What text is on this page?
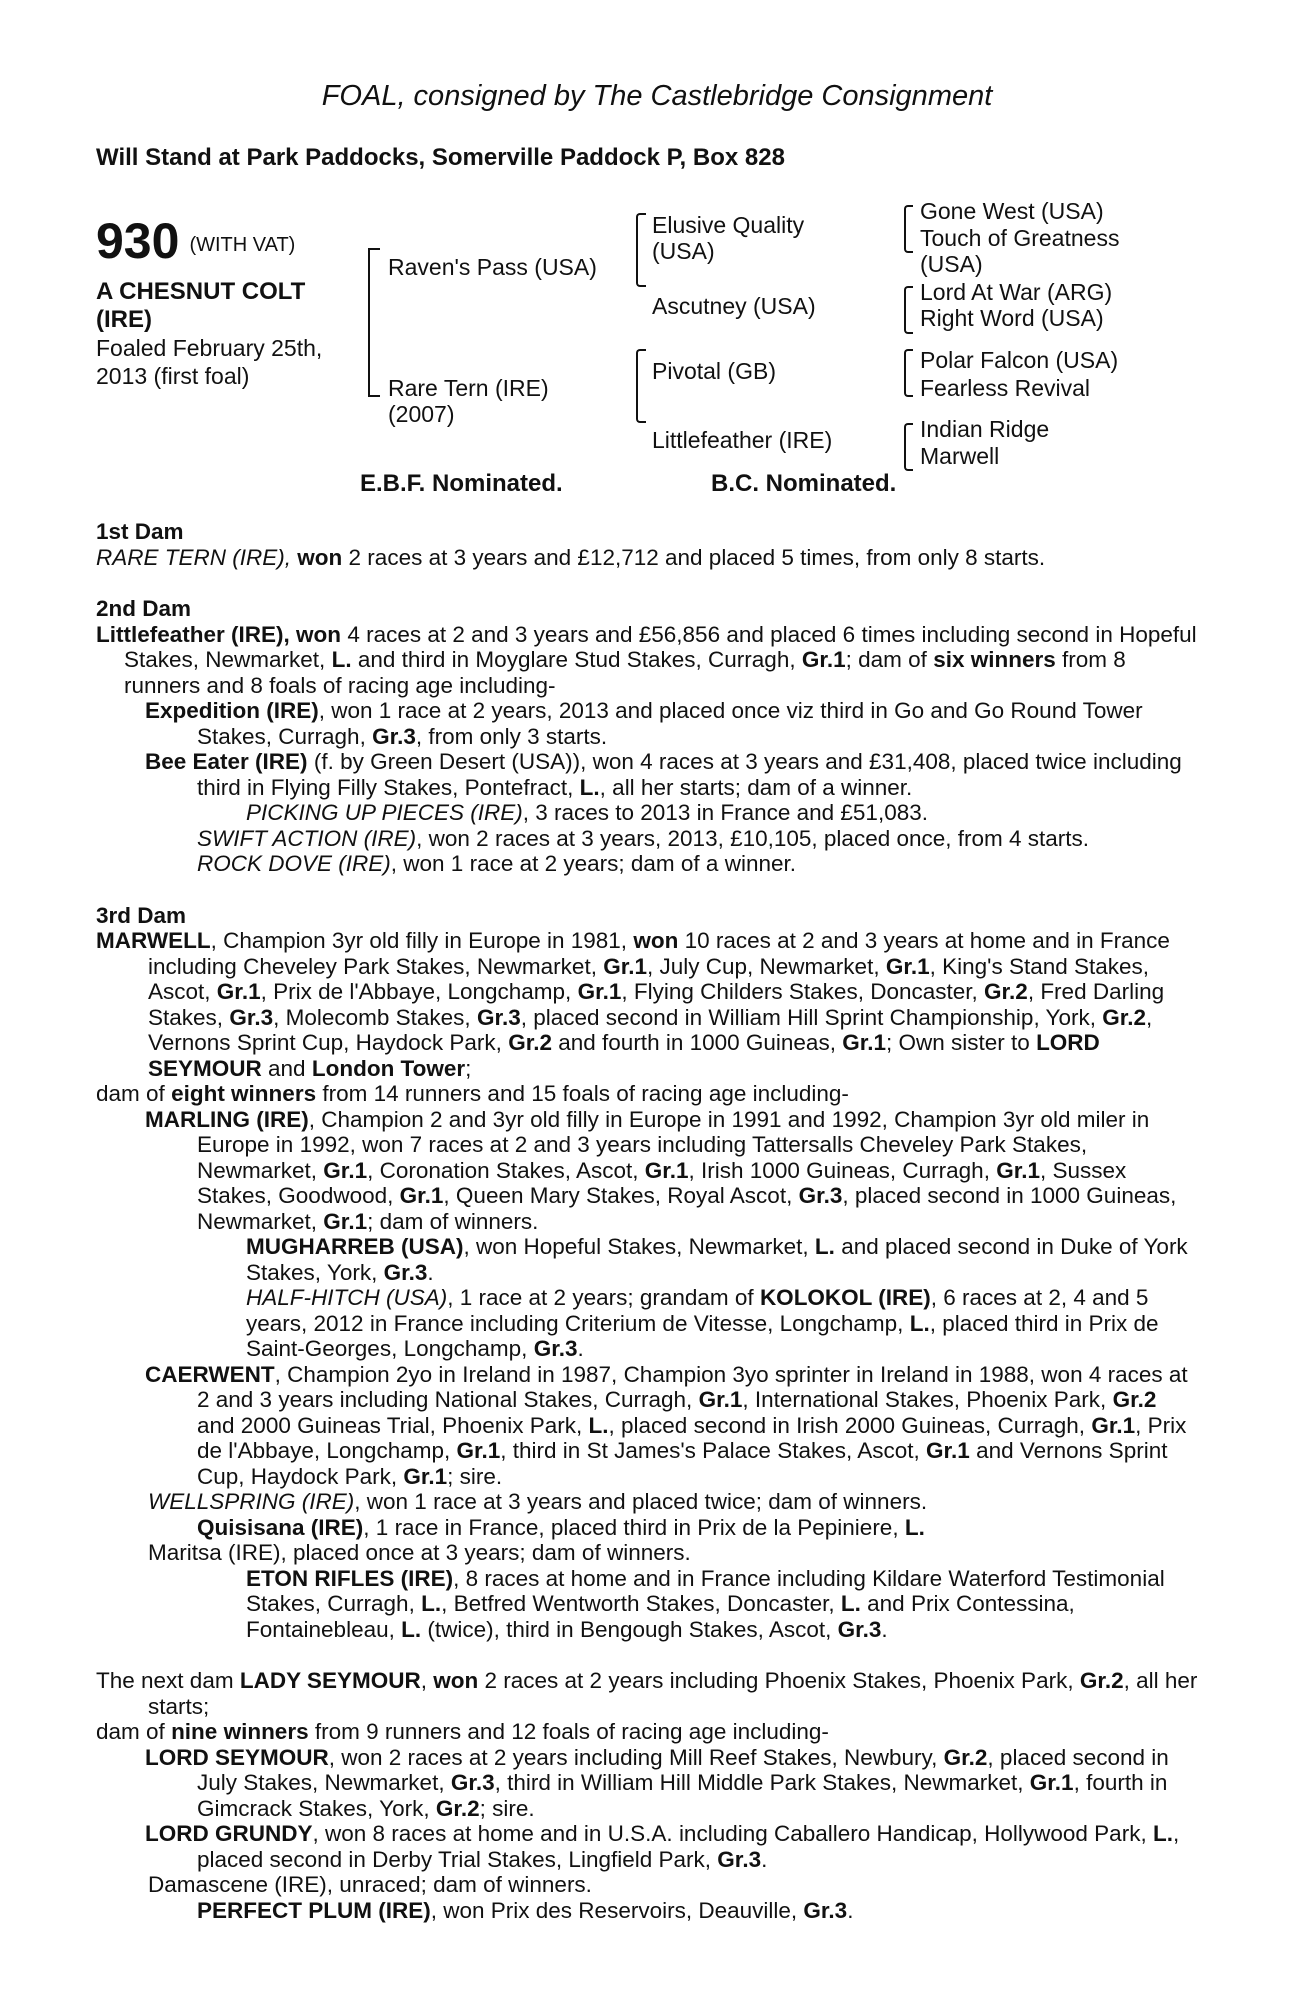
FOAL, consigned by The Castlebridge Consignment
Will Stand at Park Paddocks, Somerville Paddock P, Box 828
930 (WITH VAT)
A CHESNUT COLT (IRE)
Foaled February 25th, 2013 (first foal)
Raven's Pass (USA)
Rare Tern (IRE) (2007)
Elusive Quality (USA)
Ascutney (USA)
Pivotal (GB)
Littlefeather (IRE)
Gone West (USA)
Touch of Greatness (USA)
Lord At War (ARG)
Right Word (USA)
Polar Falcon (USA)
Fearless Revival
Indian Ridge
Marwell
E.B.F. Nominated.	B.C. Nominated.

1st Dam

RARE TERN (IRE), won 2 races at 3 years and £12,712 and placed 5 times, from only 8 starts.

2nd Dam

Littlefeather (IRE), won 4 races at 2 and 3 years and £56,856 and placed 6 times including second in Hopeful Stakes, Newmarket, L. and third in Moyglare Stud Stakes, Curragh, Gr.1; dam of six winners from 8 runners and 8 foals of racing age including-

Expedition (IRE), won 1 race at 2 years, 2013 and placed once viz third in Go and Go Round Tower Stakes, Curragh, Gr.3, from only 3 starts.

Bee Eater (IRE) (f. by Green Desert (USA)), won 4 races at 3 years and £31,408, placed twice including third in Flying Filly Stakes, Pontefract, L., all her starts; dam of a winner.

PICKING UP PIECES (IRE), 3 races to 2013 in France and £51,083.

SWIFT ACTION (IRE), won 2 races at 3 years, 2013, £10,105, placed once, from 4 starts.

ROCK DOVE (IRE), won 1 race at 2 years; dam of a winner.

3rd Dam

MARWELL, Champion 3yr old filly in Europe in 1981, won 10 races at 2 and 3 years at home and in France including Cheveley Park Stakes, Newmarket, Gr.1, July Cup, Newmarket, Gr.1, King's Stand Stakes, Ascot, Gr.1, Prix de l'Abbaye, Longchamp, Gr.1, Flying Childers Stakes, Doncaster, Gr.2, Fred Darling Stakes, Gr.3, Molecomb Stakes, Gr.3, placed second in William Hill Sprint Championship, York, Gr.2, Vernons Sprint Cup, Haydock Park, Gr.2 and fourth in 1000 Guineas, Gr.1; Own sister to LORD SEYMOUR and London Tower;

dam of eight winners from 14 runners and 15 foals of racing age including-

MARLING (IRE), Champion 2 and 3yr old filly in Europe in 1991 and 1992, Champion 3yr old miler in Europe in 1992, won 7 races at 2 and 3 years including Tattersalls Cheveley Park Stakes, Newmarket, Gr.1, Coronation Stakes, Ascot, Gr.1, Irish 1000 Guineas, Curragh, Gr.1, Sussex Stakes, Goodwood, Gr.1, Queen Mary Stakes, Royal Ascot, Gr.3, placed second in 1000 Guineas, Newmarket, Gr.1; dam of winners.

MUGHARREB (USA), won Hopeful Stakes, Newmarket, L. and placed second in Duke of York Stakes, York, Gr.3.

HALF-HITCH (USA), 1 race at 2 years; grandam of KOLOKOL (IRE), 6 races at 2, 4 and 5 years, 2012 in France including Criterium de Vitesse, Longchamp, L., placed third in Prix de Saint-Georges, Longchamp, Gr.3.

CAERWENT, Champion 2yo in Ireland in 1987, Champion 3yo sprinter in Ireland in 1988, won 4 races at 2 and 3 years including National Stakes, Curragh, Gr.1, International Stakes, Phoenix Park, Gr.2 and 2000 Guineas Trial, Phoenix Park, L., placed second in Irish 2000 Guineas, Curragh, Gr.1, Prix de l'Abbaye, Longchamp, Gr.1, third in St James's Palace Stakes, Ascot, Gr.1 and Vernons Sprint Cup, Haydock Park, Gr.1; sire.

WELLSPRING (IRE), won 1 race at 3 years and placed twice; dam of winners.

Quisisana (IRE), 1 race in France, placed third in Prix de la Pepiniere, L.

Maritsa (IRE), placed once at 3 years; dam of winners.

ETON RIFLES (IRE), 8 races at home and in France including Kildare Waterford Testimonial Stakes, Curragh, L., Betfred Wentworth Stakes, Doncaster, L. and Prix Contessina, Fontainebleau, L. (twice), third in Bengough Stakes, Ascot, Gr.3.

The next dam LADY SEYMOUR, won 2 races at 2 years including Phoenix Stakes, Phoenix Park, Gr.2, all her starts;

dam of nine winners from 9 runners and 12 foals of racing age including-

LORD SEYMOUR, won 2 races at 2 years including Mill Reef Stakes, Newbury, Gr.2, placed second in July Stakes, Newmarket, Gr.3, third in William Hill Middle Park Stakes, Newmarket, Gr.1, fourth in Gimcrack Stakes, York, Gr.2; sire.

LORD GRUNDY, won 8 races at home and in U.S.A. including Caballero Handicap, Hollywood Park, L., placed second in Derby Trial Stakes, Lingfield Park, Gr.3.

Damascene (IRE), unraced; dam of winners.

PERFECT PLUM (IRE), won Prix des Reservoirs, Deauville, Gr.3.
